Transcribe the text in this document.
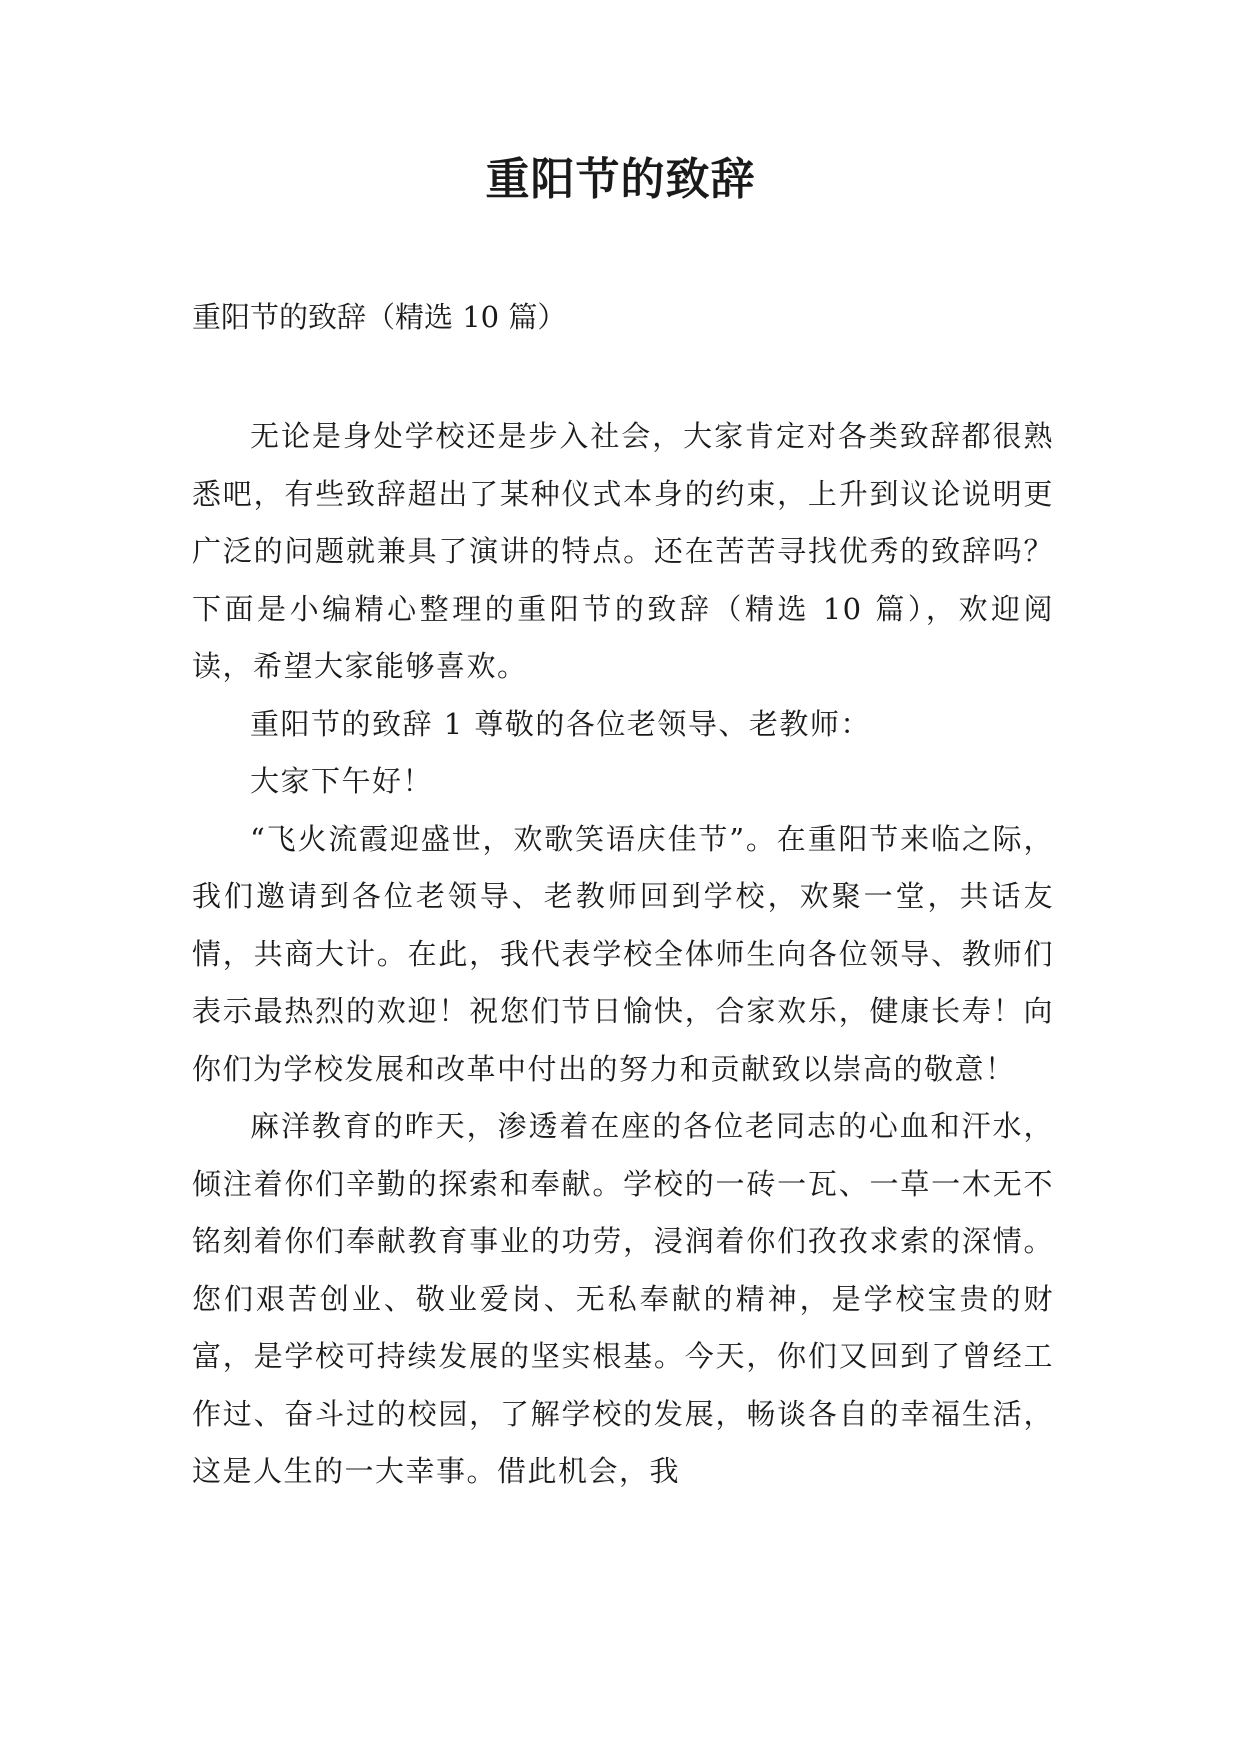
重阳节的致辞

重阳节的致辞（精选 10 篇）

无论是身处学校还是步入社会，大家肯定对各类致辞都很熟悉吧，有些致辞超出了某种仪式本身的约束，上升到议论说明更广泛的问题就兼具了演讲的特点。还在苦苦寻找优秀的致辞吗？下面是小编精心整理的重阳节的致辞（精选 10 篇），欢迎阅读，希望大家能够喜欢。

重阳节的致辞 1 尊敬的各位老领导、老教师：

大家下午好！

“飞火流霞迎盛世，欢歌笑语庆佳节”。在重阳节来临之际，我们邀请到各位老领导、老教师回到学校，欢聚一堂，共话友情，共商大计。在此，我代表学校全体师生向各位领导、教师们表示最热烈的欢迎！祝您们节日愉快，合家欢乐，健康长寿！向你们为学校发展和改革中付出的努力和贡献致以崇高的敬意！

麻洋教育的昨天，渗透着在座的各位老同志的心血和汗水，倾注着你们辛勤的探索和奉献。学校的一砖一瓦、一草一木无不铭刻着你们奉献教育事业的功劳，浸润着你们孜孜求索的深情。您们艰苦创业、敬业爱岗、无私奉献的精神，是学校宝贵的财富，是学校可持续发展的坚实根基。今天，你们又回到了曾经工作过、奋斗过的校园，了解学校的发展，畅谈各自的幸福生活，这是人生的一大幸事。借此机会，我
